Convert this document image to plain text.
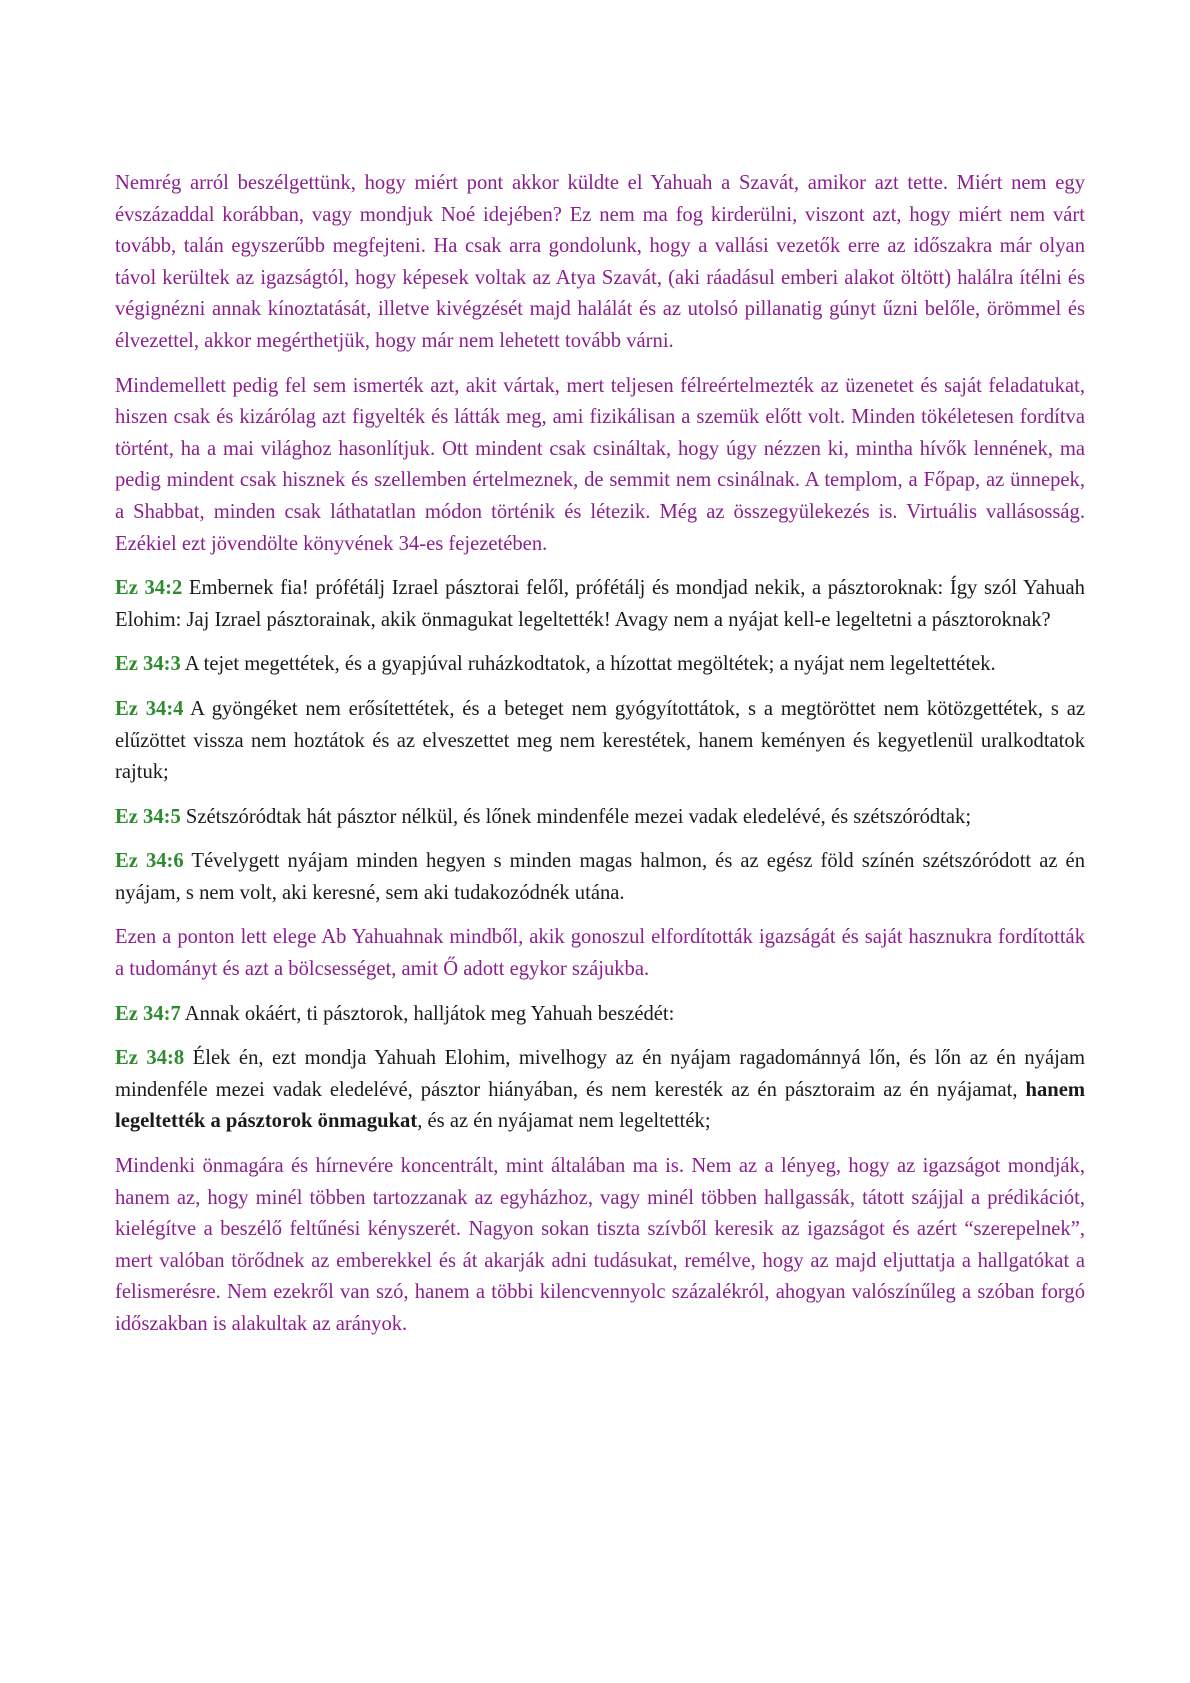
Nemrég arról beszélgettünk, hogy miért pont akkor küldte el Yahuah a Szavát, amikor azt tette. Miért nem egy évszázaddal korábban, vagy mondjuk Noé idejében? Ez nem ma fog kirderülni, viszont azt, hogy miért nem várt tovább, talán egyszerűbb megfejteni. Ha csak arra gondolunk, hogy a vallási vezetők erre az időszakra már olyan távol kerültek az igazságtól, hogy képesek voltak az Atya Szavát, (aki ráadásul emberi alakot öltött) halálra ítélni és végignézni annak kínoztatását, illetve kivégzését majd halálát és az utolsó pillanatig gúnyt űzni belőle, örömmel és élvezettel, akkor megérthetjük, hogy már nem lehetett tovább várni.

Mindemellett pedig fel sem ismerték azt, akit vártak, mert teljesen félreértelmezték az üzenetet és saját feladatukat, hiszen csak és kizárólag azt figyelték és látták meg, ami fizikálisan a szemük előtt volt. Minden tökéletesen fordítva történt, ha a mai világhoz hasonlítjuk. Ott mindent csak csináltak, hogy úgy nézzen ki, mintha hívők lennének, ma pedig mindent csak hisznek és szellemben értelmeznek, de semmit nem csinálnak. A templom, a Főpap, az ünnepek, a Shabbat, minden csak láthatatlan módon történik és létezik. Még az összegyülekezés is. Virtuális vallásosság. Ezékiel ezt jövendölte könyvének 34-es fejezetében.

Ez 34:2 Embernek fia! prófétálj Izrael pásztorai felől, prófétálj és mondjad nekik, a pásztoroknak: Így szól Yahuah Elohim: Jaj Izrael pásztorainak, akik önmagukat legeltették! Avagy nem a nyájat kell-e legeltetni a pásztoroknak?

Ez 34:3 A tejet megettétek, és a gyapjúval ruházkodtatok, a hízottat megöltétek; a nyájat nem legeltettétek.

Ez 34:4 A gyöngéket nem erősítettétek, és a beteget nem gyógyítottátok, s a megtöröttet nem kötözgettétek, s az elűzöttet vissza nem hoztátok és az elveszettet meg nem kerestétek, hanem keményen és kegyetlenül uralkodtatok rajtuk;

Ez 34:5 Szétszóródtak hát pásztor nélkül, és lőnek mindenféle mezei vadak eledelévé, és szétszóródtak;

Ez 34:6 Tévelygett nyájam minden hegyen s minden magas halmon, és az egész föld színén szétszóródott az én nyájam, s nem volt, aki keresné, sem aki tudakozódnék utána.

Ezen a ponton lett elege Ab Yahuahnak mindből, akik gonoszul elfordították igazságát és saját hasznukra fordították a tudományt és azt a bölcsességet, amit Ő adott egykor szájukba.

Ez 34:7 Annak okáért, ti pásztorok, halljátok meg Yahuah beszédét:

Ez 34:8 Élek én, ezt mondja Yahuah Elohim, mivelhogy az én nyájam ragadománnyá lőn, és lőn az én nyájam mindenféle mezei vadak eledelévé, pásztor hiányában, és nem keresték az én pásztoraim az én nyájamat, hanem legeltették a pásztorok önmagukat, és az én nyájamat nem legeltették;

Mindenki önmagára és hírnevére koncentrált, mint általában ma is. Nem az a lényeg, hogy az igazságot mondják, hanem az, hogy minél többen tartozzanak az egyházhoz, vagy minél többen hallgassák, tátott szájjal a prédikációt, kielégítve a beszélő feltűnési kényszerét. Nagyon sokan tiszta szívből keresik az igazságot és azért “szerepelnek”, mert valóban törődnek az emberekkel és át akarják adni tudásukat, remélve, hogy az majd eljuttatja a hallgatókat a felismerésre. Nem ezekről van szó, hanem a többi kilencvennyolc százalékról, ahogyan valószínűleg a szóban forgó időszakban is alakultak az arányok.
